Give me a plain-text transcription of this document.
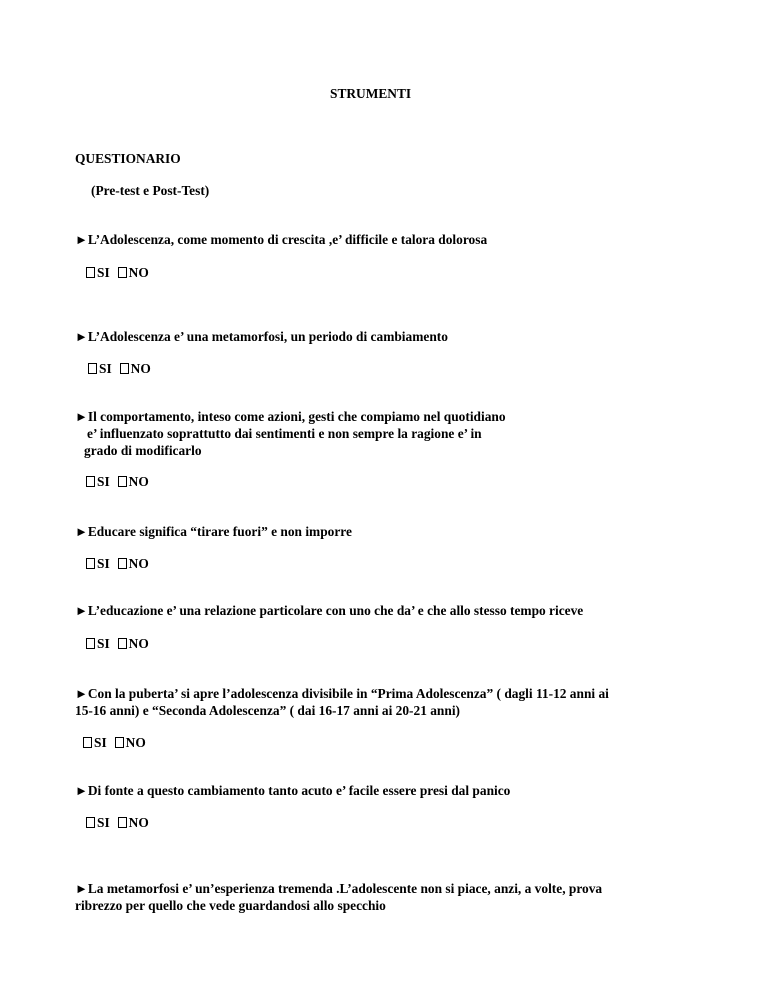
STRUMENTI
QUESTIONARIO
(Pre-test e Post-Test)
►L’Adolescenza, come momento di crescita ,e’ difficile e talora dolorosa
SI NO
►L’Adolescenza e’ una metamorfosi, un periodo di cambiamento
SI NO
►Il comportamento, inteso come azioni, gesti che compiamo nel quotidiano
e’ influenzato soprattutto dai sentimenti e non sempre la ragione e’ in
grado di modificarlo
SI NO
►Educare significa “tirare fuori” e non imporre
SI NO
►L’educazione e’ una relazione particolare con uno che da’ e che allo stesso tempo riceve
SI NO
►Con la puberta’ si apre l’adolescenza divisibile in “Prima Adolescenza” ( dagli 11-12 anni ai
15-16 anni) e “Seconda Adolescenza” ( dai 16-17 anni ai 20-21 anni)
SI NO
►Di fonte a questo cambiamento tanto acuto e’ facile essere presi dal panico
SI NO
►La metamorfosi e’ un’esperienza tremenda .L’adolescente non si piace, anzi, a volte, prova
ribrezzo per quello che vede guardandosi allo specchio
